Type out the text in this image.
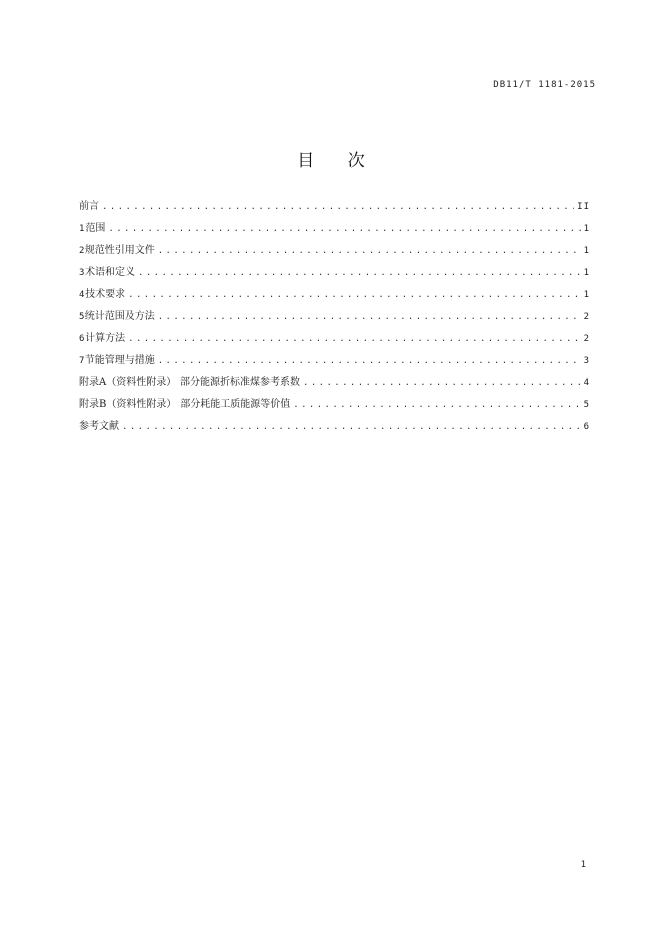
DB11/T 1181-2015
目 次
前言 .....	II
1 范围 .....	1
2 规范性引用文件 .....	1
3 术语和定义 .....	1
4 技术要求 .....	1
5 统计范围及方法 .....	2
6 计算方法 .....	2
7 节能管理与措施 .....	3
附录A（资料性附录） 部分能源折标准煤参考系数 .....	4
附录B（资料性附录） 部分耗能工质能源等价值 .....	5
参考文献 .....	6
1
